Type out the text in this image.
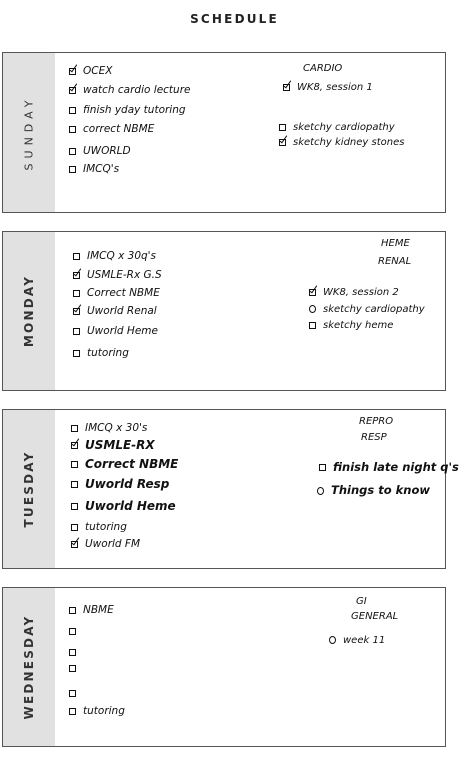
SCHEDULE
SUNDAY
OCEX
watch cardio lecture
finish yday tutoring
correct NBME
UWORLD
IMCQ's
CARDIO
WK8, session 1
sketchy cardiopathy
sketchy kidney stones
MONDAY
IMCQ x 30q's
USMLE-Rx G.S
Correct NBME
Uworld Renal
Uworld Heme
tutoring
HEME
RENAL
WK8, session 2
sketchy cardiopathy
sketchy heme
TUESDAY
IMCQ x 30's
USMLE-RX
Correct NBME
Uworld Resp
Uworld Heme
tutoring
Uworld FM
REPRO
RESP
finish late night q's
Things to know
WEDNESDAY
NBME
tutoring
GI
GENERAL
week 11
